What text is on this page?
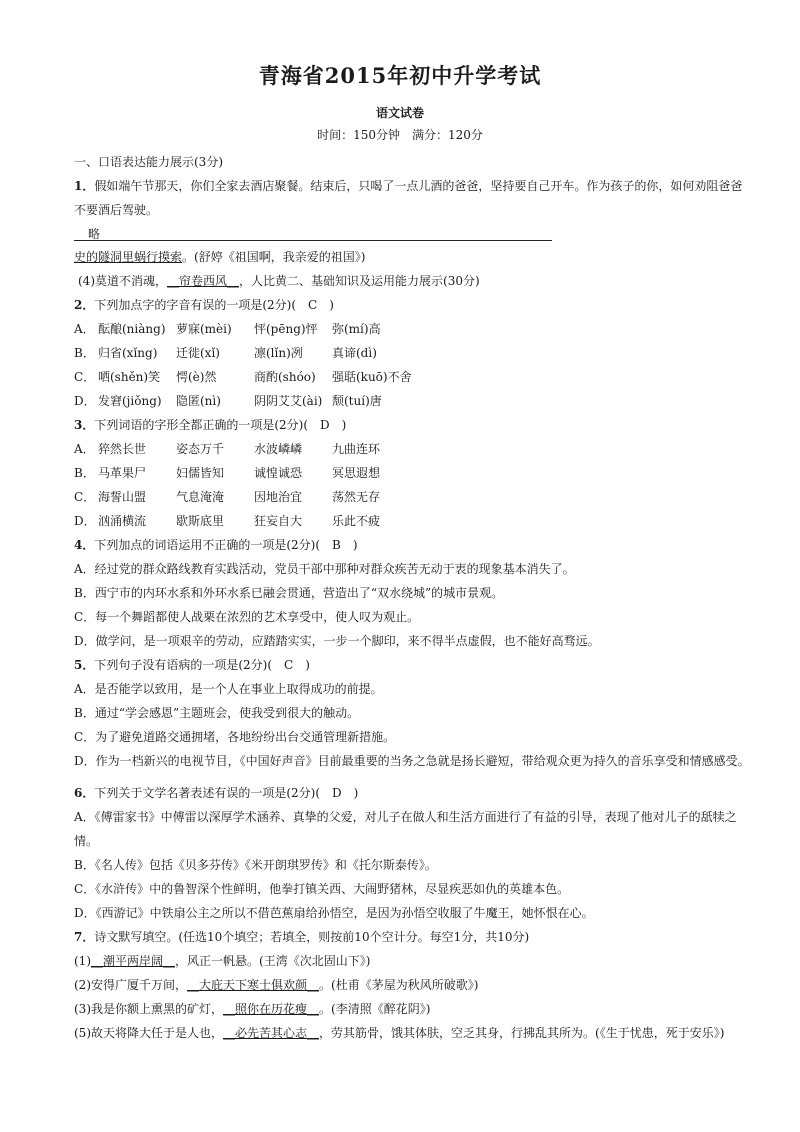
青海省2015年初中升学考试
语文试卷
时间：150分钟　满分：120分
一、口语表达能力展示(3分)
1．假如端午节那天，你们全家去酒店聚餐。结束后，只喝了一点儿酒的爸爸，坚持要自己开车。作为孩子的你，如何劝阻爸爸不要酒后驾驶。
略
史的隧洞里蜗行摸索。(舒婷《祖国啊，我亲爱的祖国》)
(4)莫道不消魂，__帘卷西风__，人比黄二、基础知识及运用能力展示(30分)
2．下列加点字的字音有误的一项是(2分)(　C　)
A． 酝酿(niàng) 萝寐(mèi) 怦(pēng)怦 弥(mí)高
B． 归省(xǐng) 迁徙(xǐ)	凛(lǐn)冽 真谛(dì)
C． 哂(shěn)笑 愕(è)然	商酌(shóo) 强聒(kuō)不舍
D． 发窘(jiǒng) 隐匿(nì)	阴阴艾艾(ài) 颓(tuí)唐
3．下列词语的字形全都正确的一项是(2分)(　D　)
A． 猝然长世 姿态万千 水波嶙嶙 九曲连环
B． 马革果尸 妇儒皆知 诚惶诚恐 冥思遐想
C． 海誓山盟 气息淹淹 因地治宜 荡然无存
D． 汹涌横流 歇斯底里 狂妄自大 乐此不疲
4．下列加点的词语运用不正确的一项是(2分)(　B　)
A．经过党的群众路线教育实践活动，党员干部中那种对群众疾苦无动于衷的现象基本消失了。
B．西宁市的内环水系和外环水系已融会贯通，营造出了“双水绕城”的城市景观。
C．每一个舞蹈都使人战栗在浓烈的艺术享受中，使人叹为观止。
D．做学问，是一项艰辛的劳动，应踏踏实实，一步一个脚印，来不得半点虚假，也不能好高骛远。
5．下列句子没有语病的一项是(2分)(　C　)
A．是否能学以致用，是一个人在事业上取得成功的前提。
B．通过“学会感恩”主题班会，使我受到很大的触动。
C．为了避免道路交通拥堵，各地纷纷出台交通管理新措施。
D．作为一档新兴的电视节目，《中国好声音》目前最重要的当务之急就是扬长避短，带给观众更为持久的音乐享受和情感感受。
6．下列关于文学名著表述有误的一项是(2分)(　D　)
A．《傅雷家书》中傅雷以深厚学术涵养、真挚的父爱，对儿子在做人和生活方面进行了有益的引导，表现了他对儿子的舐犊之情。
B．《名人传》包括《贝多芬传》《米开朗琪罗传》和《托尔斯泰传》。
C．《水浒传》中的鲁智深个性鲜明，他拳打镇关西、大闹野猪林，尽显疾恶如仇的英雄本色。
D．《西游记》中铁扇公主之所以不借芭蕉扇给孙悟空，是因为孙悟空收服了牛魔王，她怀恨在心。
7．诗文默写填空。(任选10个填空；若填全，则按前10个空计分。每空1分，共10分)
(1)__潮平两岸阔__，风正一帆悬。(王湾《次北固山下》)
(2)安得广厦千万间，__大庇天下寒士俱欢颜__。(杜甫《茅屋为秋风所破歌》)
(3)我是你额上熏黑的矿灯，__照你在历花瘦__。(李清照《醉花阴》)
(5)故天将降大任于是人也，__必先苦其心志__，劳其筋骨，饿其体肤，空乏其身，行拂乱其所为。(《生于忧患，死于安乐》)
